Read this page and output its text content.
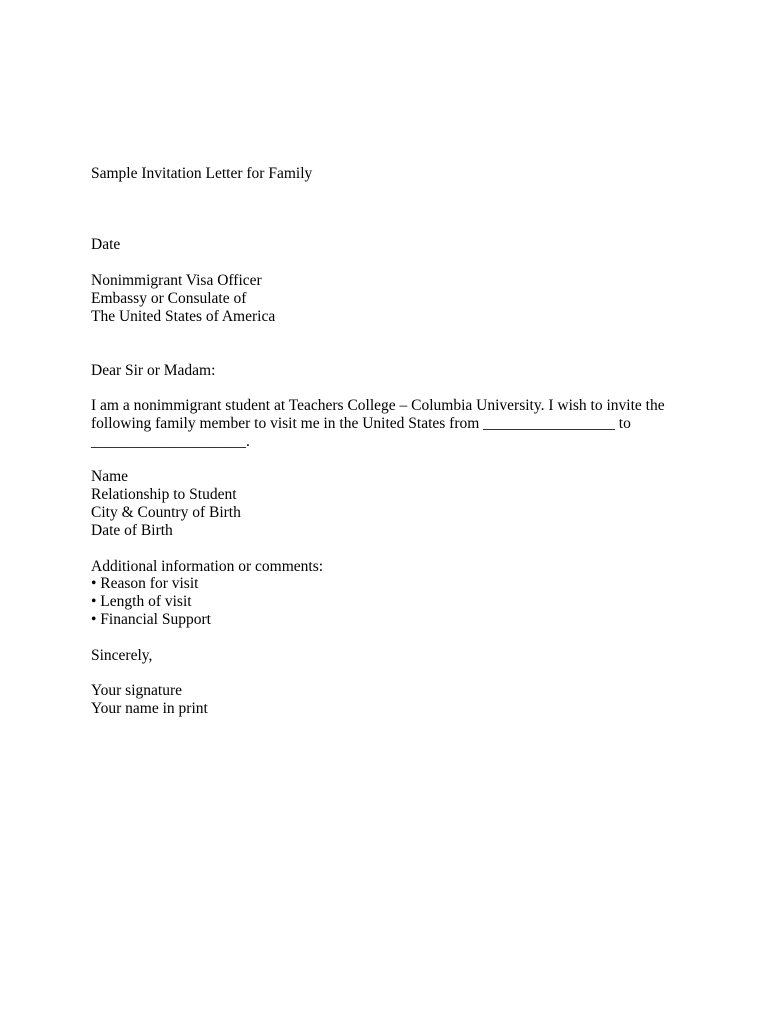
Sample Invitation Letter for Family
Date
Nonimmigrant Visa Officer
Embassy or Consulate of
The United States of America
Dear Sir or Madam:
I am a nonimmigrant student at Teachers College – Columbia University. I wish to invite the
following family member to visit me in the United States from _________________ to
____________________.
Name
Relationship to Student
City & Country of Birth
Date of Birth
Additional information or comments:
• Reason for visit
• Length of visit
• Financial Support
Sincerely,
Your signature
Your name in print
